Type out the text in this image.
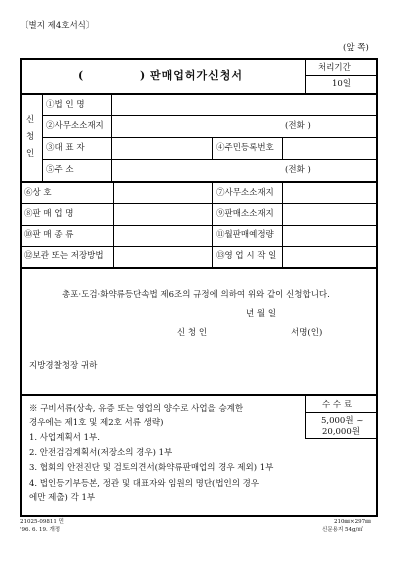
〔별지 제4호서식〕
(앞 쪽)
(	) 판매업허가신청서
처리기간
10일
신
청
인
①법 인 명
②사무소소재지	(전화 )
③대 표 자	④주민등록번호
⑤주 소	(전화 )
⑥상 호	⑦사무소소재지
⑧판 매 업 명	⑨판매소소재지
⑩판 매 종 류	⑪월판매예정량
⑫보관 또는 저장방법	⑬영 업 시 작 일
총포·도검·화약류등단속법 제6조의 규정에 의하여 위와 같이 신청합니다.
년 월 일
신 청 인	서명(인)
지방경찰청장 귀하
수 수 료
5,000원 ~
20,000원
※ 구비서류(상속, 유증 또는 영업의 양수로 사업을 승계한
경우에는 제1호 및 제2호 서류 생략)
1. 사업계획서 1부.
2. 안전검검계획서(저장소의 경우) 1부
3. 협회의 안전진단 및 검토의견서(화약류판매업의 경우 제외) 1부
4. 법인등기부등본, 정관 및 대표자와 임원의 명단(법인의 경우
에만 제출) 각 1부
21025-09811 민
'96. 6. 19. 개정
210㎜×297㎜
신문용지 54g/㎡
